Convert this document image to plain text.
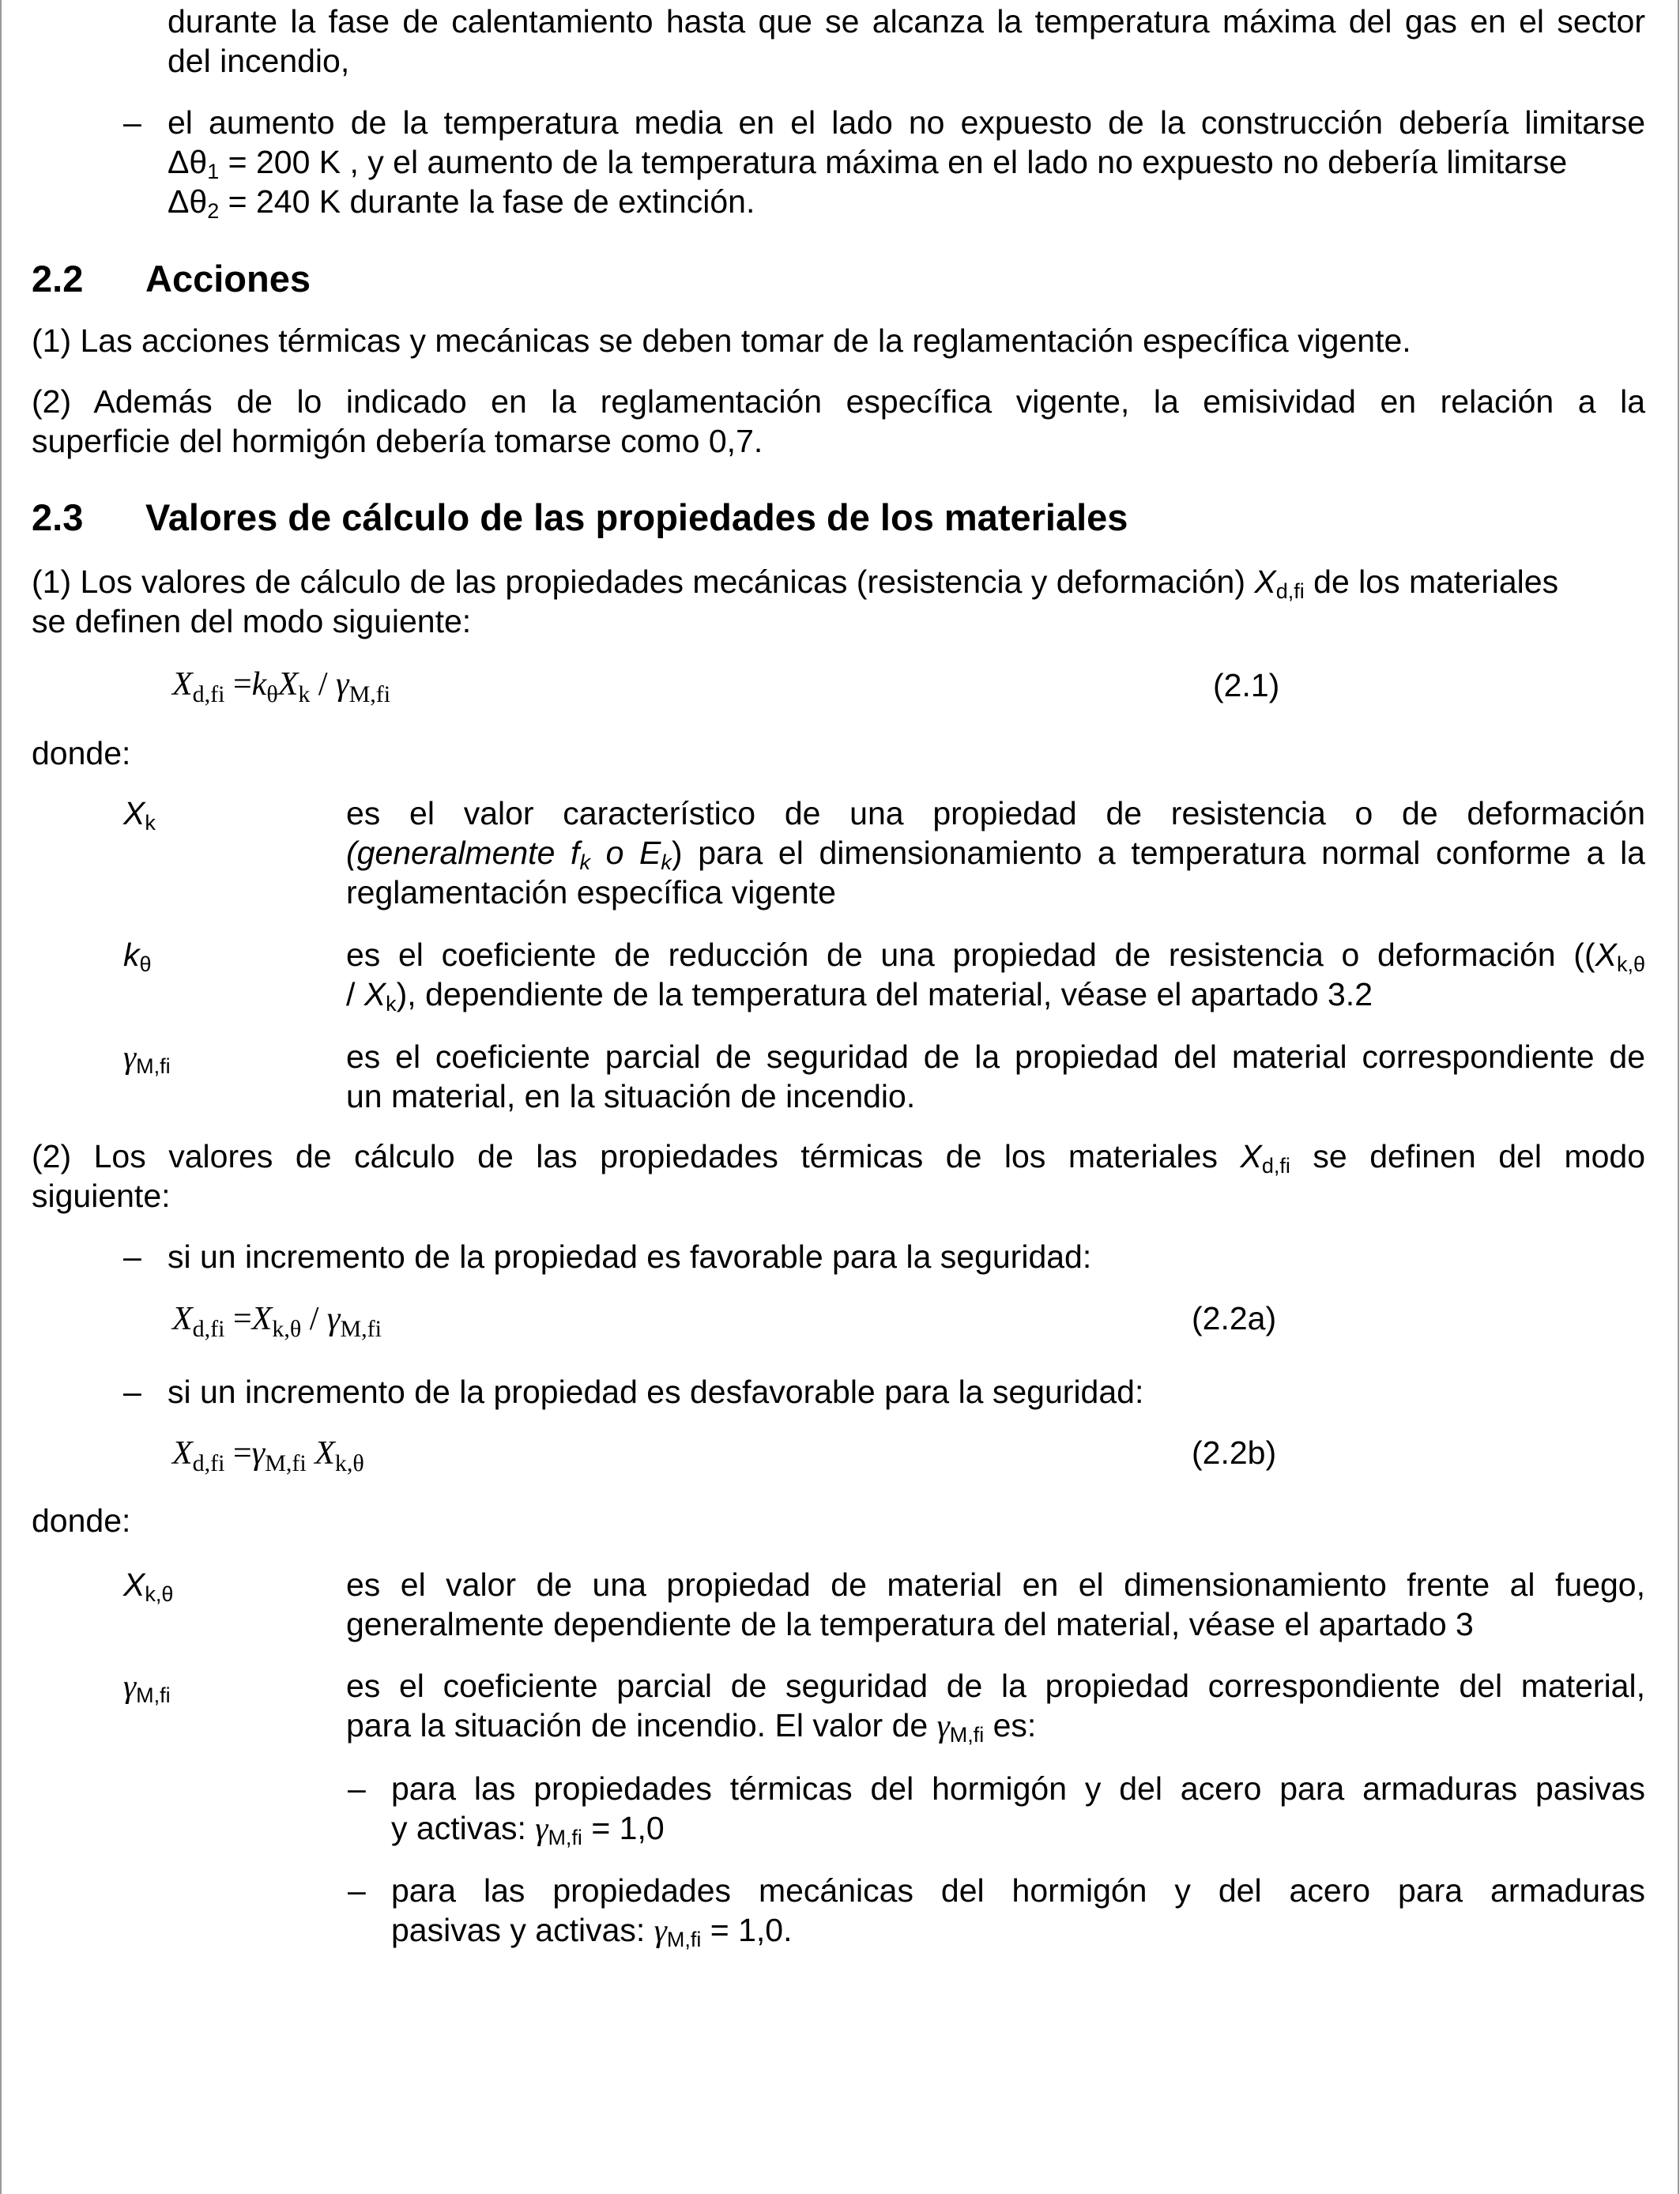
durante la fase de calentamiento hasta que se alcanza la temperatura máxima del gas en el sector
del incendio,
– el aumento de la temperatura media en el lado no expuesto de la construcción debería limitarse
$\Delta\theta_1 = 200$ K , y el aumento de la temperatura máxima en el lado no expuesto no debería limitarse
$\Delta\theta_2 = 240$ K durante la fase de extinción.
2.2 Acciones
(1) Las acciones térmicas y mecánicas se deben tomar de la reglamentación específica vigente.
(2) Además de lo indicado en la reglamentación específica vigente, la emisividad en relación a la
superficie del hormigón debería tomarse como 0,7.
2.3 Valores de cálculo de las propiedades de los materiales
(1) Los valores de cálculo de las propiedades mecánicas (resistencia y deformación) $X_{d,fi}$ de los materiales
se definen del modo siguiente:
$X_{d,fi} =k_\theta X_k / \gamma_{M,fi}$	(2.1)
donde:
$X_k$	es el valor característico de una propiedad de resistencia o de deformación
(generalmente $f_k$ o $E_k$) para el dimensionamiento a temperatura normal conforme a la
reglamentación específica vigente
$k_\theta$	es el coeficiente de reducción de una propiedad de resistencia o deformación (($X_{k,\theta}$
/ $X_k$), dependiente de la temperatura del material, véase el apartado 3.2
$\gamma_{M,fi}$	es el coeficiente parcial de seguridad de la propiedad del material correspondiente de
un material, en la situación de incendio.
(2) Los valores de cálculo de las propiedades térmicas de los materiales $X_{d,fi}$ se definen del modo
siguiente:
– si un incremento de la propiedad es favorable para la seguridad:
$X_{d,fi} =X_{k,\theta} / \gamma_{M,fi}$	(2.2a)
– si un incremento de la propiedad es desfavorable para la seguridad:
$X_{d,fi} =\gamma_{M,fi}$ $X_{k,\theta}$	(2.2b)
donde:
$X_{k,\theta}$	es el valor de una propiedad de material en el dimensionamiento frente al fuego,
generalmente dependiente de la temperatura del material, véase el apartado 3
$\gamma_{M,fi}$	es el coeficiente parcial de seguridad de la propiedad correspondiente del material,
para la situación de incendio. El valor de $\gamma_{M,fi}$ es:
– para las propiedades térmicas del hormigón y del acero para armaduras pasivas
y activas: $\gamma_{M,fi} = 1,0$
– para las propiedades mecánicas del hormigón y del acero para armaduras
pasivas y activas: $\gamma_{M,fi} = 1,0$.
